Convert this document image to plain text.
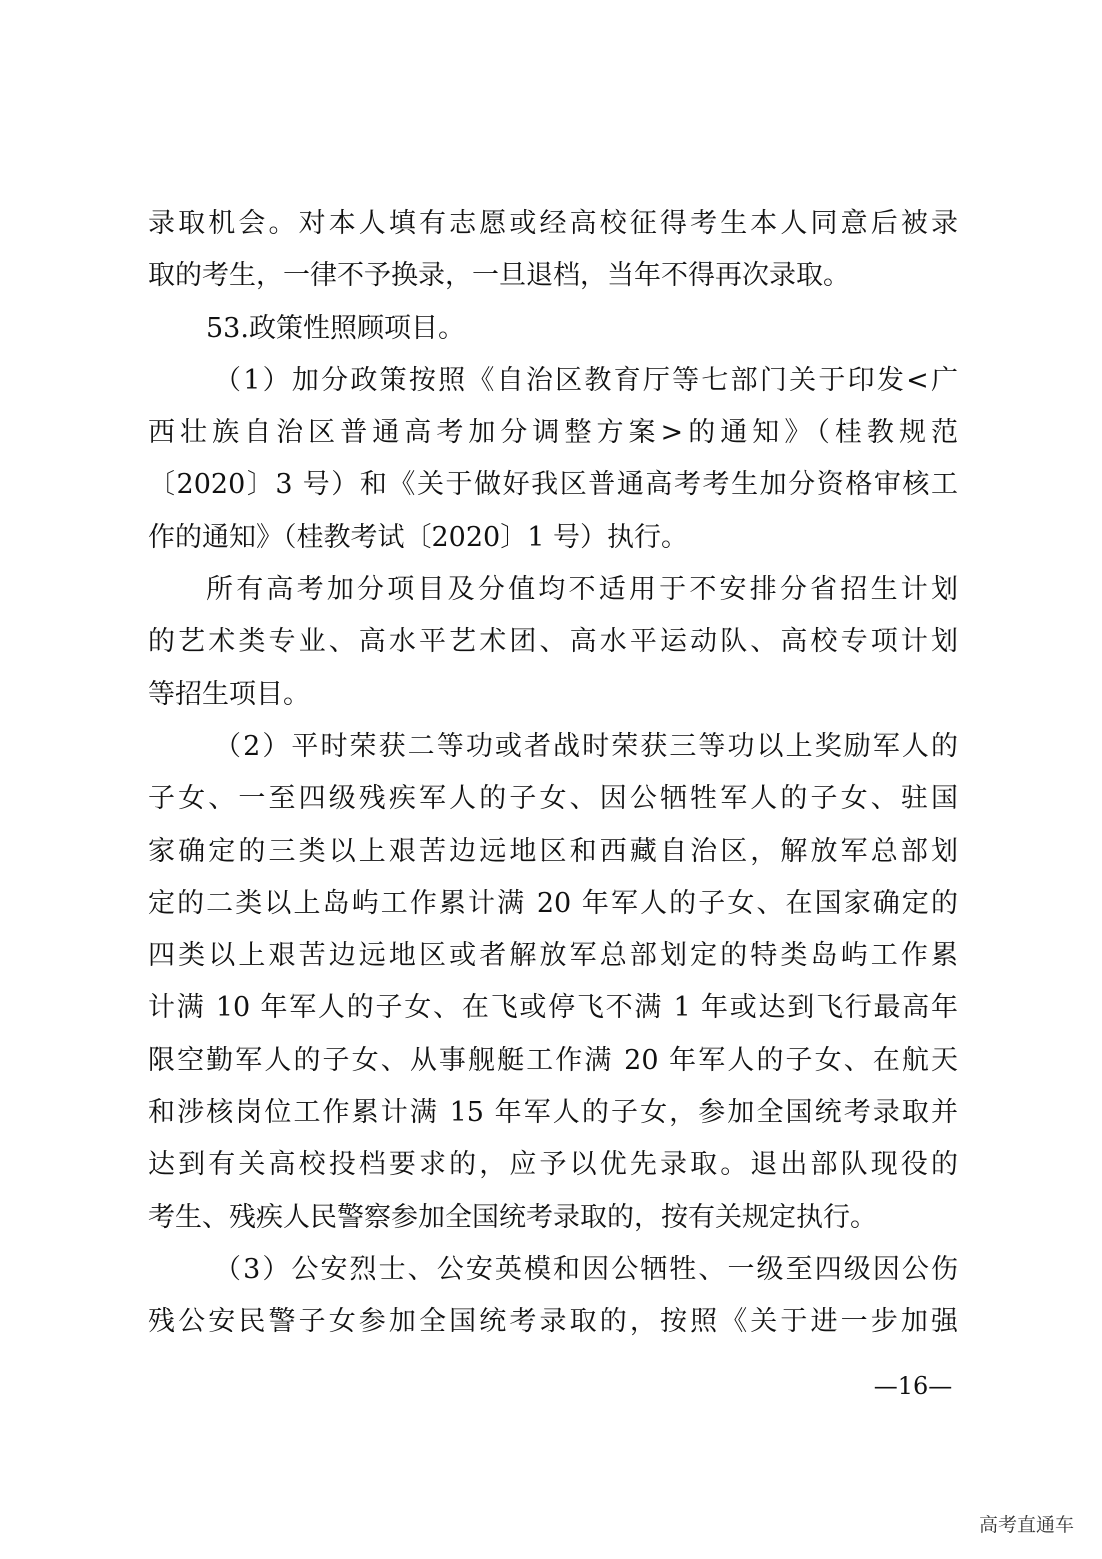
录取机会。对本人填有志愿或经高校征得考生本人同意后被录
取的考生，一律不予换录，一旦退档，当年不得再次录取。
53.政策性照顾项目。
（1）加分政策按照《自治区教育厅等七部门关于印发<广
西壮族自治区普通高考加分调整方案>的通知》（桂教规范
〔2020〕3 号）和《关于做好我区普通高考考生加分资格审核工
作的通知》（桂教考试〔2020〕1 号）执行。
所有高考加分项目及分值均不适用于不安排分省招生计划
的艺术类专业、高水平艺术团、高水平运动队、高校专项计划
等招生项目。
（2）平时荣获二等功或者战时荣获三等功以上奖励军人的
子女、一至四级残疾军人的子女、因公牺牲军人的子女、驻国
家确定的三类以上艰苦边远地区和西藏自治区，解放军总部划
定的二类以上岛屿工作累计满 20 年军人的子女、在国家确定的
四类以上艰苦边远地区或者解放军总部划定的特类岛屿工作累
计满 10 年军人的子女、在飞或停飞不满 1 年或达到飞行最高年
限空勤军人的子女、从事舰艇工作满 20 年军人的子女、在航天
和涉核岗位工作累计满 15 年军人的子女，参加全国统考录取并
达到有关高校投档要求的，应予以优先录取。退出部队现役的
考生、残疾人民警察参加全国统考录取的，按有关规定执行。
（3）公安烈士、公安英模和因公牺牲、一级至四级因公伤
残公安民警子女参加全国统考录取的，按照《关于进一步加强
—16—
高考直通车
